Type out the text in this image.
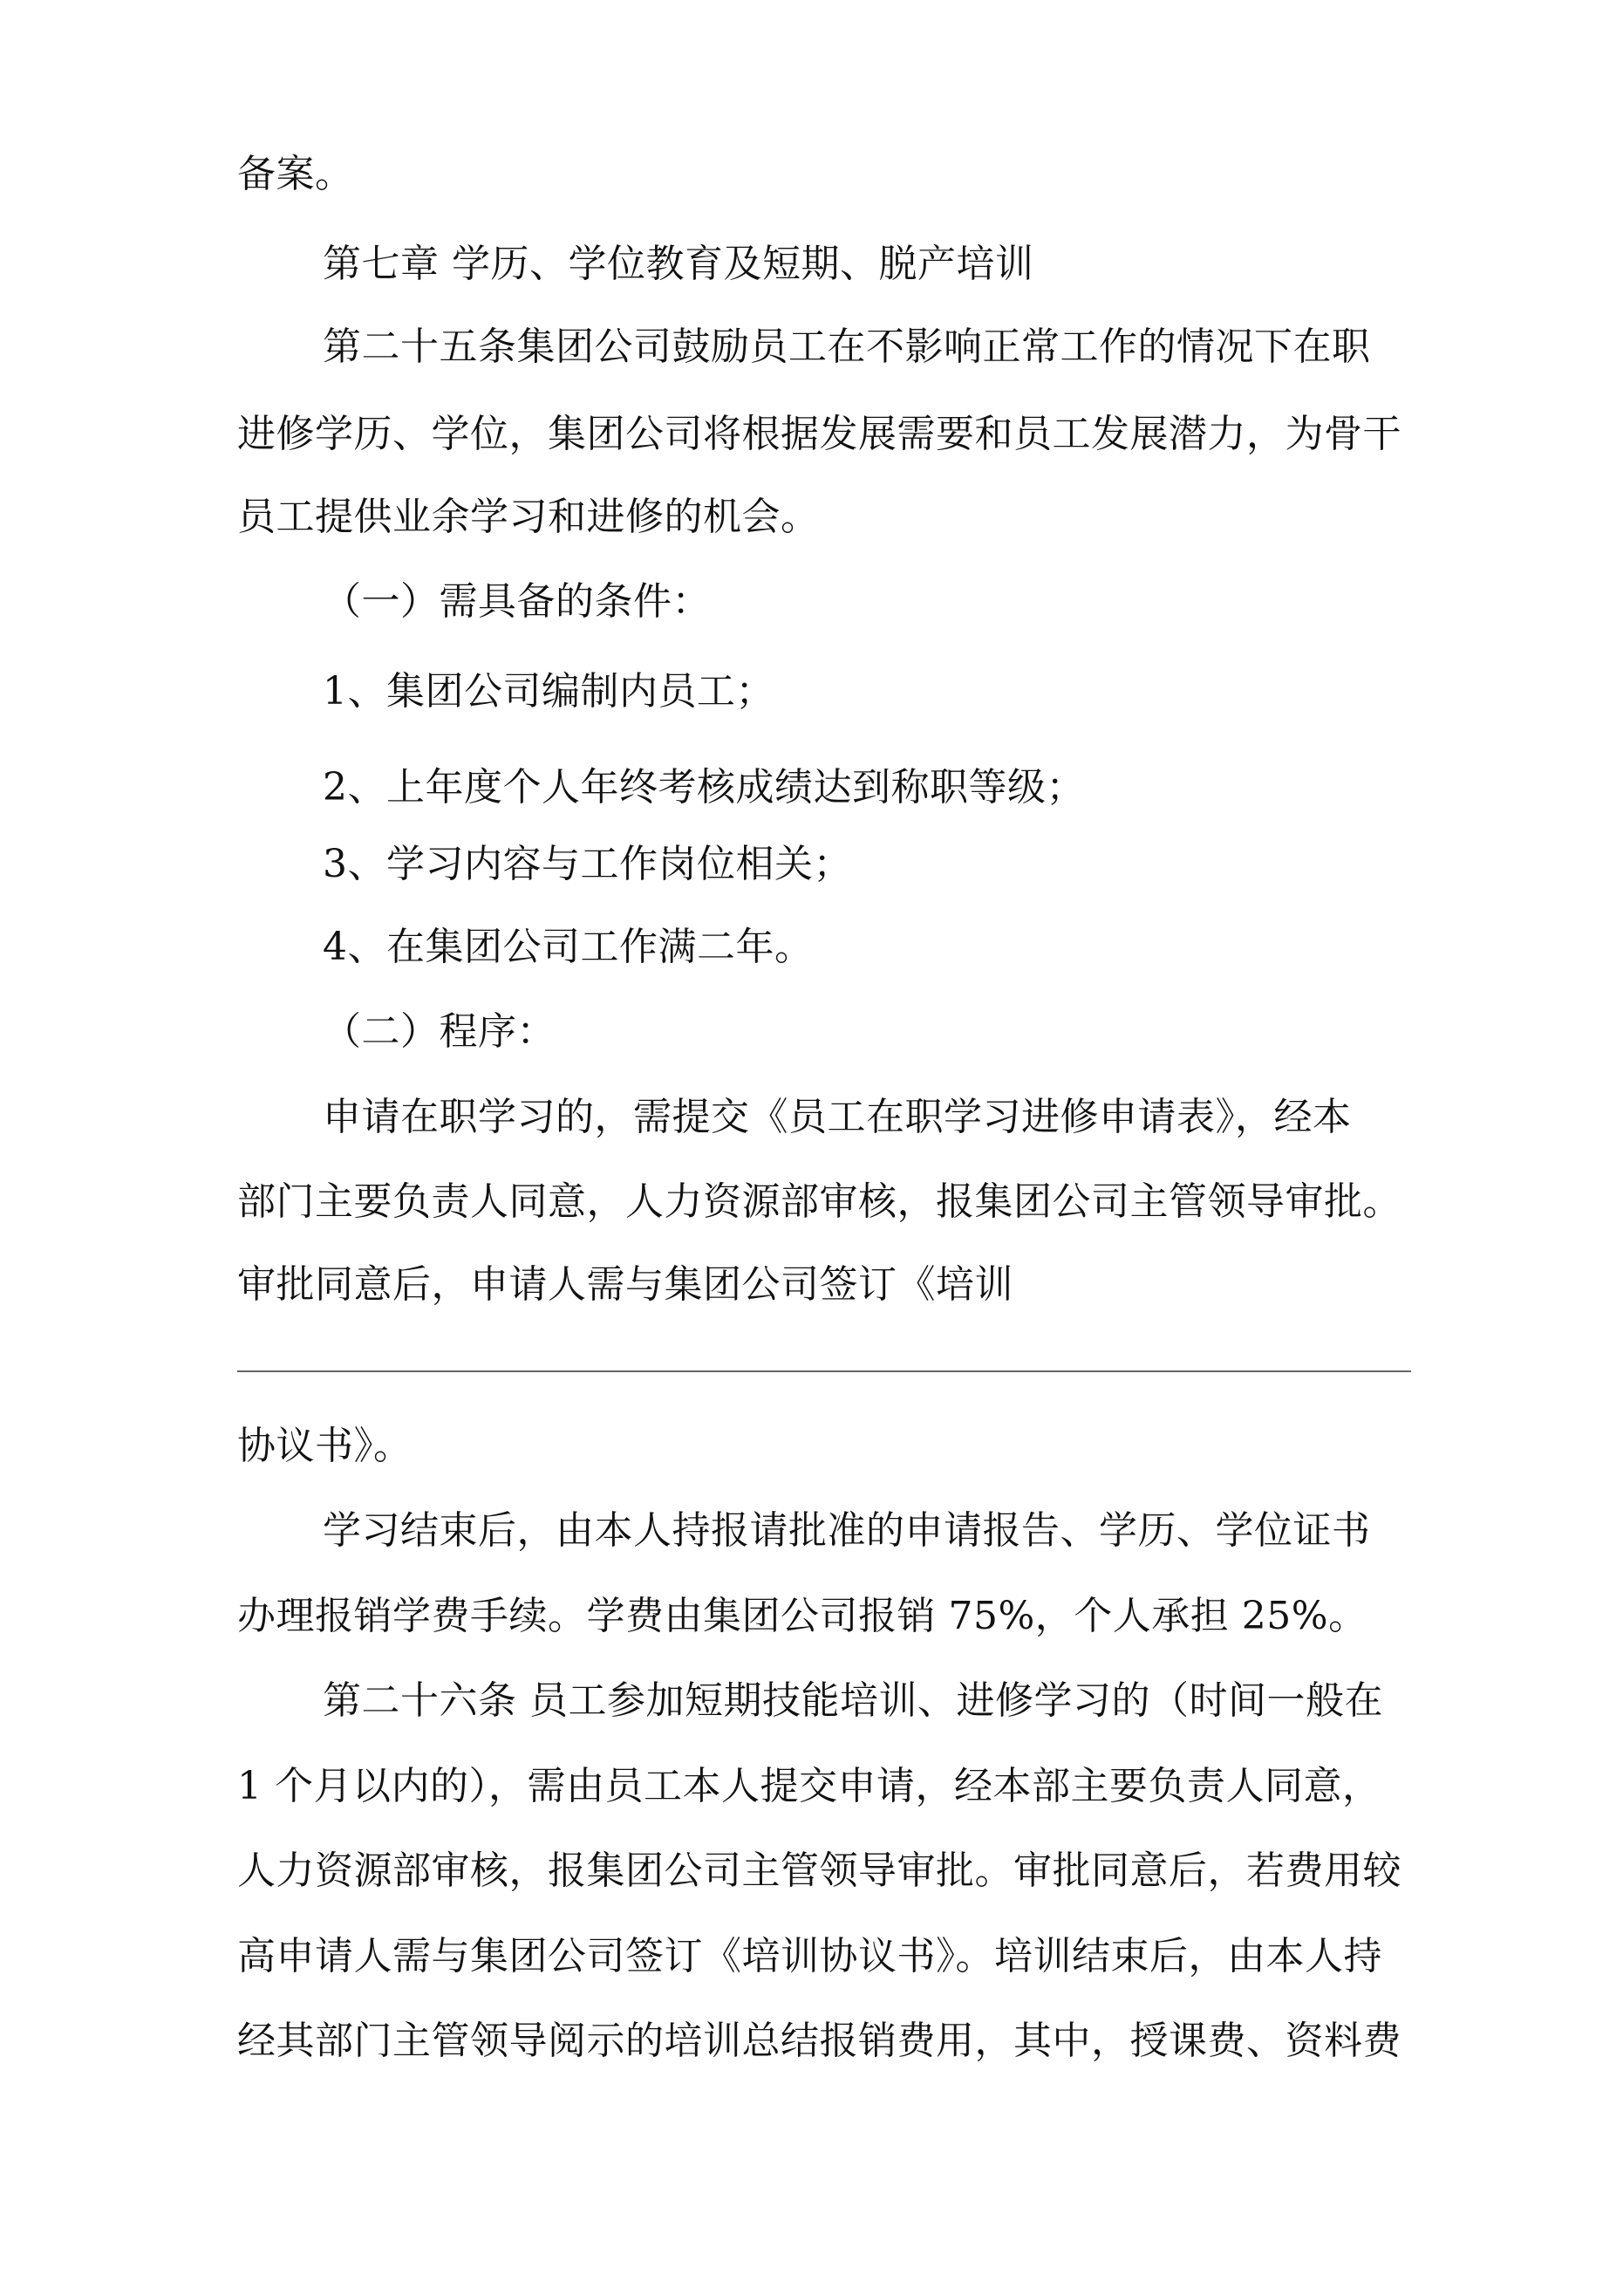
备案。
第七章 学历、学位教育及短期、脱产培训
第二十五条集团公司鼓励员工在不影响正常工作的情况下在职
进修学历、学位，集团公司将根据发展需要和员工发展潜力，为骨干
员工提供业余学习和进修的机会。
（一）需具备的条件：
1、集团公司编制内员工；
2、上年度个人年终考核成绩达到称职等级；
3、学习内容与工作岗位相关；
4、在集团公司工作满二年。
（二）程序：
申请在职学习的，需提交《员工在职学习进修申请表》，经本
部门主要负责人同意，人力资源部审核，报集团公司主管领导审批。
审批同意后，申请人需与集团公司签订《培训
协议书》。
学习结束后，由本人持报请批准的申请报告、学历、学位证书
办理报销学费手续。学费由集团公司报销 75%，个人承担 25%。
第二十六条 员工参加短期技能培训、进修学习的（时间一般在
1 个月以内的），需由员工本人提交申请，经本部主要负责人同意，
人力资源部审核，报集团公司主管领导审批。审批同意后，若费用较
高申请人需与集团公司签订《培训协议书》。培训结束后，由本人持
经其部门主管领导阅示的培训总结报销费用，其中，授课费、资料费
